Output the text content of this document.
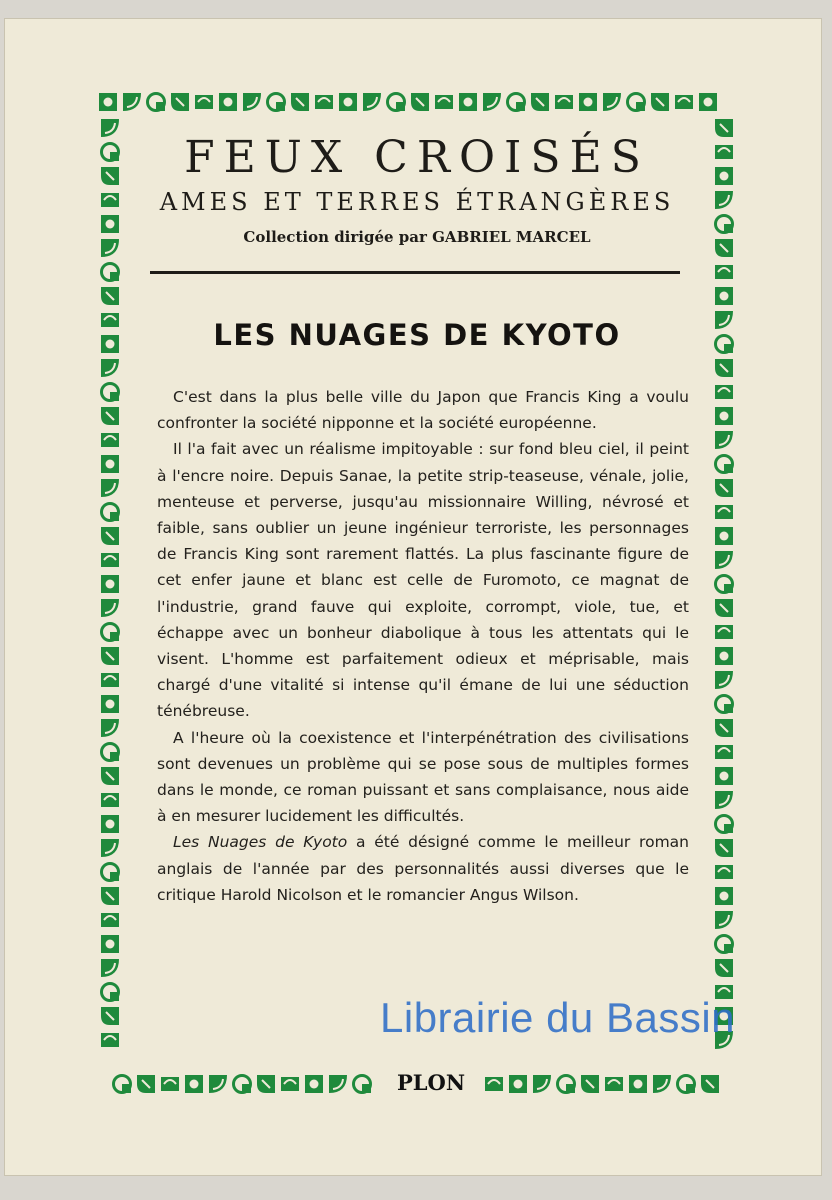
FEUX CROISÉS
AMES ET TERRES ÉTRANGÈRES
Collection dirigée par GABRIEL MARCEL
LES NUAGES DE KYOTO

C'est dans la plus belle ville du Japon que Francis King a voulu confronter la société nipponne et la société européenne.

Il l'a fait avec un réalisme impitoyable : sur fond bleu ciel, il peint à l'encre noire. Depuis Sanae, la petite strip-teaseuse, vénale, jolie, menteuse et perverse, jusqu'au missionnaire Willing, névrosé et faible, sans oublier un jeune ingénieur terroriste, les personnages de Francis King sont rarement flattés. La plus fascinante figure de cet enfer jaune et blanc est celle de Furomoto, ce magnat de l'industrie, grand fauve qui exploite, corrompt, viole, tue, et échappe avec un bonheur diabolique à tous les attentats qui le visent. L'homme est parfaitement odieux et méprisable, mais chargé d'une vitalité si intense qu'il émane de lui une séduction ténébreuse.

A l'heure où la coexistence et l'interpénétration des civilisations sont devenues un problème qui se pose sous de multiples formes dans le monde, ce roman puissant et sans complaisance, nous aide à en mesurer lucidement les difficultés.

Les Nuages de Kyoto a été désigné comme le meilleur roman anglais de l'année par des personnalités aussi diverses que le critique Harold Nicolson et le romancier Angus Wilson.

PLON
Librairie du Bassin
